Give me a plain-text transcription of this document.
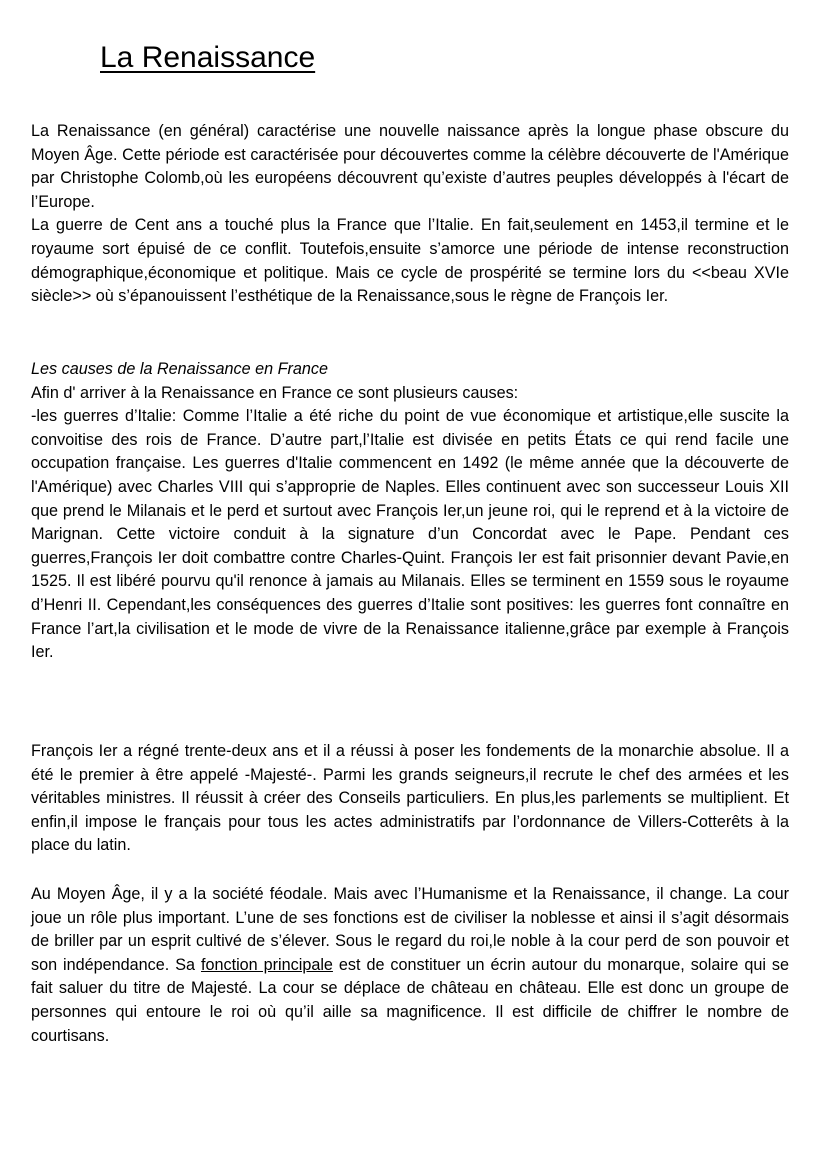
La Renaissance

La Renaissance (en général) caractérise une nouvelle naissance après la longue phase obscure du Moyen Âge. Cette période est caractérisée pour découvertes comme la célèbre découverte de l'Amérique par Christophe Colomb,où les européens découvrent qu’existe d’autres peuples développés à l'écart de l’Europe.

La guerre de Cent ans a touché plus la France que l’Italie. En fait,seulement en 1453,il termine et le royaume sort épuisé de ce conflit. Toutefois,ensuite s’amorce une période de intense reconstruction démographique,économique et politique. Mais ce cycle de prospérité se termine lors du <<beau XVIe siècle>> où s’épanouissent l’esthétique de la Renaissance,sous le règne de François Ier.

Les causes de la Renaissance en France

Afin d' arriver à la Renaissance en France ce sont plusieurs causes:

-les guerres d’Italie: Comme l’Italie a été riche du point de vue économique et artistique,elle suscite la convoitise des rois de France. D’autre part,l’Italie est divisée en petits États ce qui rend facile une occupation française. Les guerres d'Italie commencent en 1492 (le même année que la découverte de l'Amérique) avec Charles VIII qui s’approprie de Naples. Elles continuent avec son successeur Louis XII que prend le Milanais et le perd et surtout avec François Ier,un jeune roi, qui le reprend et à la victoire de Marignan. Cette victoire conduit à la signature d’un Concordat avec le Pape. Pendant ces guerres,François Ier doit combattre contre Charles-Quint. François Ier est fait prisonnier devant Pavie,en 1525. Il est libéré pourvu qu'il renonce à jamais au Milanais. Elles se terminent en 1559 sous le royaume d’Henri II. Cependant,les conséquences des guerres d’Italie sont positives: les guerres font connaître en France l’art,la civilisation et le mode de vivre de la Renaissance italienne,grâce par exemple à François Ier.

François Ier a régné trente-deux ans et il a réussi à poser les fondements de la monarchie absolue. Il a été le premier à être appelé -Majesté-. Parmi les grands seigneurs,il recrute le chef des armées et les véritables ministres. Il réussit à créer des Conseils particuliers. En plus,les parlements se multiplient. Et enfin,il impose le français pour tous les actes administratifs par l’ordonnance de Villers-Cotterêts à la place du latin.

Au Moyen Âge, il y a la société féodale. Mais avec l’Humanisme et la Renaissance, il change. La cour joue un rôle plus important. L’une de ses fonctions est de civiliser la noblesse et ainsi il s’agit désormais de briller par un esprit cultivé de s’élever. Sous le regard du roi,le noble à la cour perd de son pouvoir et son indépendance. Sa fonction principale est de constituer un écrin autour du monarque, solaire qui se fait saluer du titre de Majesté. La cour se déplace de château en château. Elle est donc un groupe de personnes qui entoure le roi où qu’il aille sa magnificence. Il est difficile de chiffrer le nombre de courtisans.
